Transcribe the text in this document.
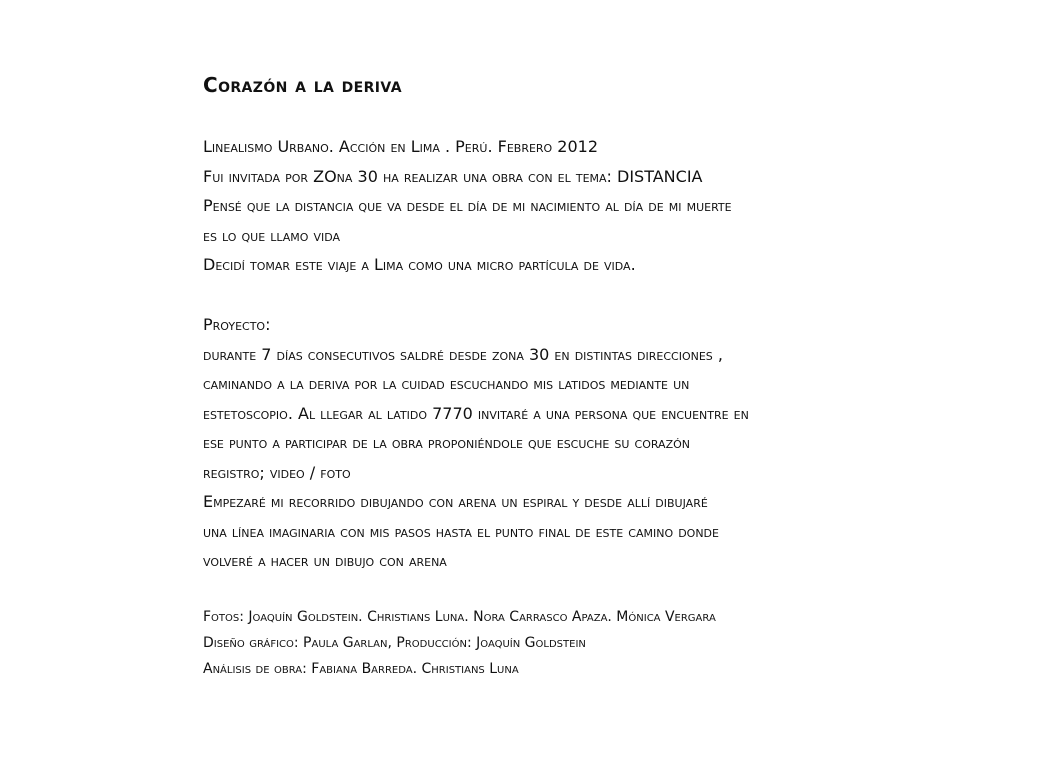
Corazón a la deriva
Linealismo Urbano. Acción en Lima . Perú. Febrero 2012
Fui invitada por ZOna 30 ha realizar una obra con el tema: DISTANCIA
Pensé que la distancia que va desde el día de mi nacimiento al día de mi muerte
es lo que llamo vida
Decidí tomar este viaje a Lima como una micro partícula de vida.
Proyecto:
durante 7 días consecutivos saldré desde zona 30 en distintas direcciones ,
caminando a la deriva por la cuidad escuchando mis latidos mediante un
estetoscopio. Al llegar al latido 7770 invitaré a una persona que encuentre en
ese punto a participar de la obra proponiéndole que escuche su corazón
registro; video / foto
Empezaré mi recorrido dibujando con arena un espiral y desde allí dibujaré
una línea imaginaria con mis pasos hasta el punto final de este camino donde
volveré a hacer un dibujo con arena
Fotos: Joaquín Goldstein. Christians Luna. Nora Carrasco Apaza. Mónica Vergara
Diseño gráfico: Paula Garlan, Producción: Joaquín Goldstein
Análisis de obra: Fabiana Barreda. Christians Luna
